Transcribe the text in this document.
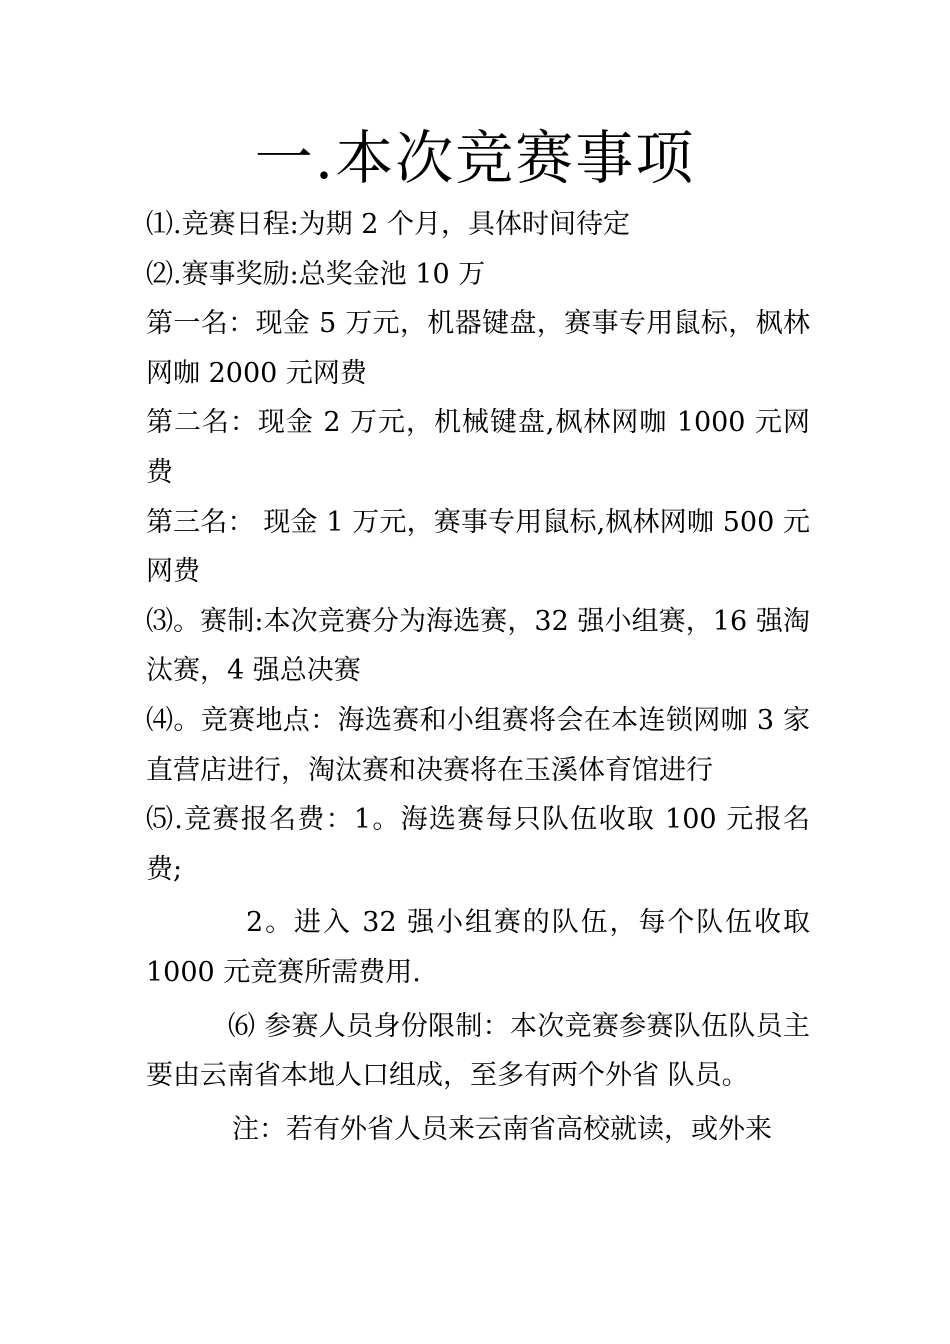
一.本次竞赛事项

⑴.竞赛日程:为期 2 个月，具体时间待定

⑵.赛事奖励:总奖金池 10 万

第一名：现金 5 万元，机器键盘，赛事专用鼠标，枫林网咖 2000 元网费

第二名：现金 2 万元，机械键盘,枫林网咖 1000 元网费

第三名： 现金 1 万元，赛事专用鼠标,枫林网咖 500 元网费

⑶。赛制:本次竞赛分为海选赛，32 强小组赛，16 强淘汰赛，4 强总决赛

⑷。竞赛地点：海选赛和小组赛将会在本连锁网咖 3 家直营店进行，淘汰赛和决赛将在玉溪体育馆进行

⑸.竞赛报名费：1。海选赛每只队伍收取 100 元报名费;

2。进入 32 强小组赛的队伍，每个队伍收取 1000 元竞赛所需费用.

⑹ 参赛人员身份限制：本次竞赛参赛队伍队员主要由云南省本地人口组成，至多有两个外省 队员。

注：若有外省人员来云南省高校就读，或外来
